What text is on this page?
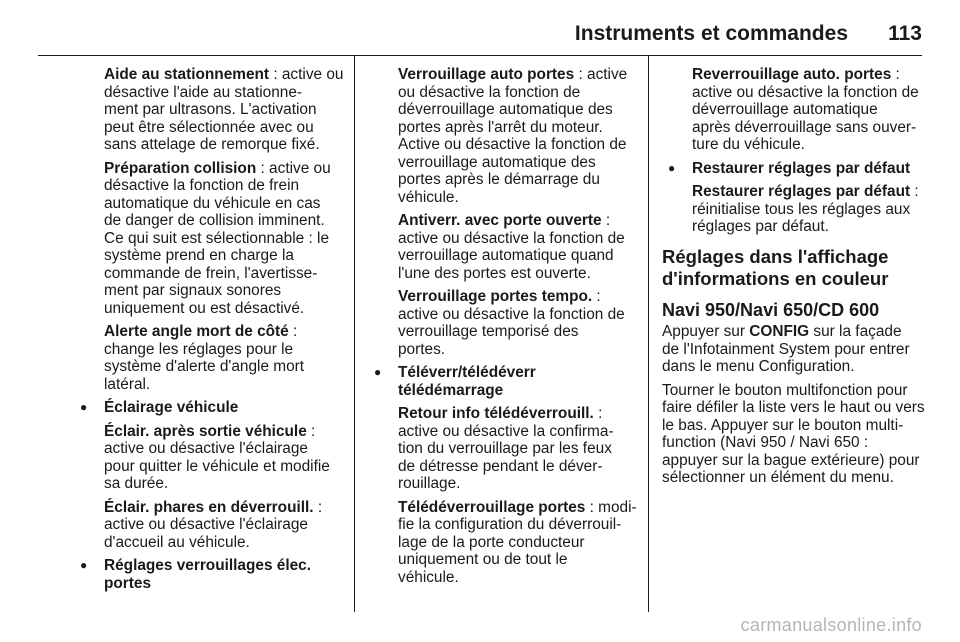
Instruments et commandes 113

Aide au stationnement : active ou
désactive l'aide au stationne-
ment par ultrasons. L'activation
peut être sélectionnée avec ou
sans attelage de remorque fixé.

Préparation collision : active ou
désactive la fonction de frein
automatique du véhicule en cas
de danger de collision imminent.
Ce qui suit est sélectionnable : le
système prend en charge la
commande de frein, l'avertisse-
ment par signaux sonores
uniquement ou est désactivé.

Alerte angle mort de côté :
change les réglages pour le
système d'alerte d'angle mort
latéral.

● Éclairage véhicule

Éclair. après sortie véhicule :
active ou désactive l'éclairage
pour quitter le véhicule et modifie
sa durée.

Éclair. phares en déverrouill. :
active ou désactive l'éclairage
d'accueil au véhicule.

● Réglages verrouillages élec.
portes

Verrouillage auto portes : active
ou désactive la fonction de
déverrouillage automatique des
portes après l'arrêt du moteur.
Active ou désactive la fonction de
verrouillage automatique des
portes après le démarrage du
véhicule.

Antiverr. avec porte ouverte :
active ou désactive la fonction de
verrouillage automatique quand
l'une des portes est ouverte.

Verrouillage portes tempo. :
active ou désactive la fonction de
verrouillage temporisé des
portes.

● Téléverr/télédéverr
télédémarrage

Retour info télédéverrouill. :
active ou désactive la confirma-
tion du verrouillage par les feux
de détresse pendant le déver-
rouillage.

Télédéverrouillage portes : modi-
fie la configuration du déverrouil-
lage de la porte conducteur
uniquement ou de tout le
véhicule.

Reverrouillage auto. portes :
active ou désactive la fonction de
déverrouillage automatique
après déverrouillage sans ouver-
ture du véhicule.

● Restaurer réglages par défaut

Restaurer réglages par défaut :
réinitialise tous les réglages aux
réglages par défaut.

Réglages dans l'affichage
d'informations en couleur
Navi 950/Navi 650/CD 600

Appuyer sur CONFIG sur la façade
de l'Infotainment System pour entrer
dans le menu Configuration.

Tourner le bouton multifonction pour
faire défiler la liste vers le haut ou vers
le bas. Appuyer sur le bouton multi-
function (Navi 950 / Navi 650 :
appuyer sur la bague extérieure) pour
sélectionner un élément du menu.

carmanualsonline.info
